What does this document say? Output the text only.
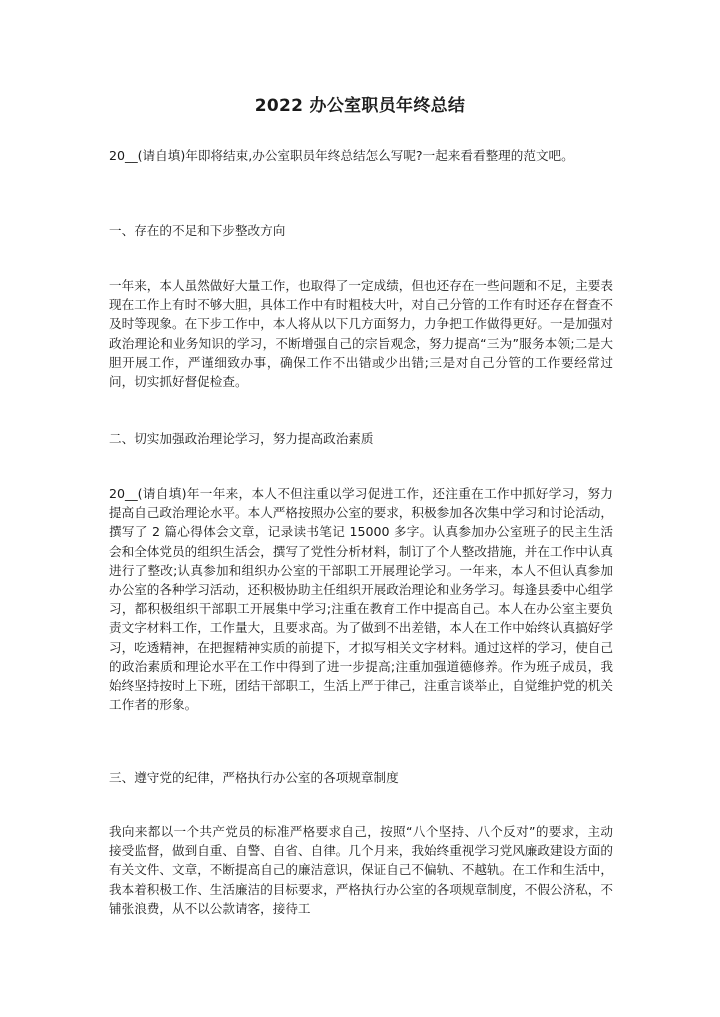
2022 办公室职员年终总结

20__(请自填)年即将结束,办公室职员年终总结怎么写呢?一起来看看整理的范文吧。

一、存在的不足和下步整改方向

一年来，本人虽然做好大量工作，也取得了一定成绩，但也还存在一些问题和不足，主要表现在工作上有时不够大胆，具体工作中有时粗枝大叶，对自己分管的工作有时还存在督查不及时等现象。在下步工作中，本人将从以下几方面努力，力争把工作做得更好。一是加强对政治理论和业务知识的学习，不断增强自己的宗旨观念，努力提高“三为”服务本领;二是大胆开展工作，严谨细致办事，确保工作不出错或少出错;三是对自己分管的工作要经常过问，切实抓好督促检查。

二、切实加强政治理论学习，努力提高政治素质

20__(请自填)年一年来，本人不但注重以学习促进工作，还注重在工作中抓好学习，努力提高自己政治理论水平。本人严格按照办公室的要求，积极参加各次集中学习和讨论活动，撰写了 2 篇心得体会文章，记录读书笔记 15000 多字。认真参加办公室班子的民主生活会和全体党员的组织生活会，撰写了党性分析材料，制订了个人整改措施，并在工作中认真进行了整改;认真参加和组织办公室的干部职工开展理论学习。一年来，本人不但认真参加办公室的各种学习活动，还积极协助主任组织开展政治理论和业务学习。每逢县委中心组学习，都积极组织干部职工开展集中学习;注重在教育工作中提高自己。本人在办公室主要负责文字材料工作，工作量大，且要求高。为了做到不出差错，本人在工作中始终认真搞好学习，吃透精神，在把握精神实质的前提下，才拟写相关文字材料。通过这样的学习，使自己的政治素质和理论水平在工作中得到了进一步提高;注重加强道德修养。作为班子成员，我始终坚持按时上下班，团结干部职工，生活上严于律己，注重言谈举止，自觉维护党的机关工作者的形象。

三、遵守党的纪律，严格执行办公室的各项规章制度

我向来都以一个共产党员的标准严格要求自己，按照“八个坚持、八个反对”的要求，主动接受监督，做到自重、自警、自省、自律。几个月来，我始终重视学习党风廉政建设方面的有关文件、文章，不断提高自己的廉洁意识，保证自己不偏轨、不越轨。在工作和生活中，我本着积极工作、生活廉洁的目标要求，严格执行办公室的各项规章制度，不假公济私，不铺张浪费，从不以公款请客，接待工
